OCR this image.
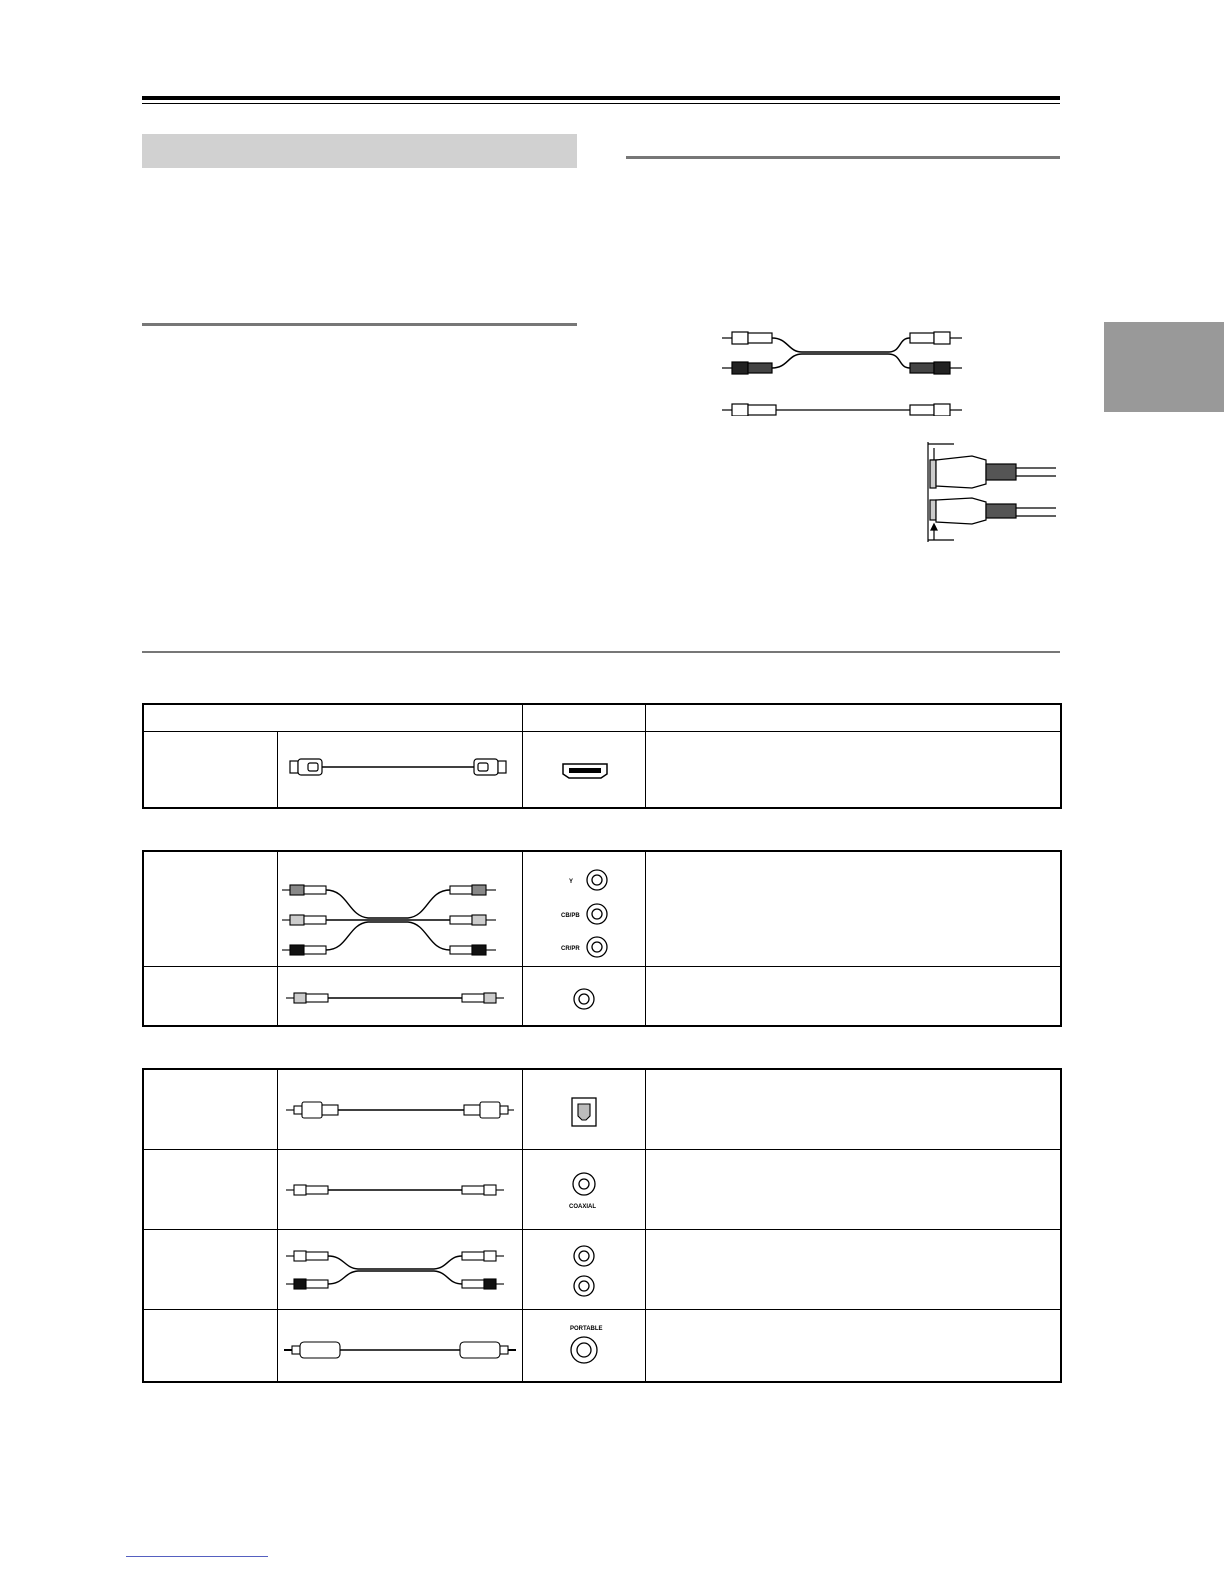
Y
CB/PB
CR/PR	

COAXIAL	

PORTABLE	
